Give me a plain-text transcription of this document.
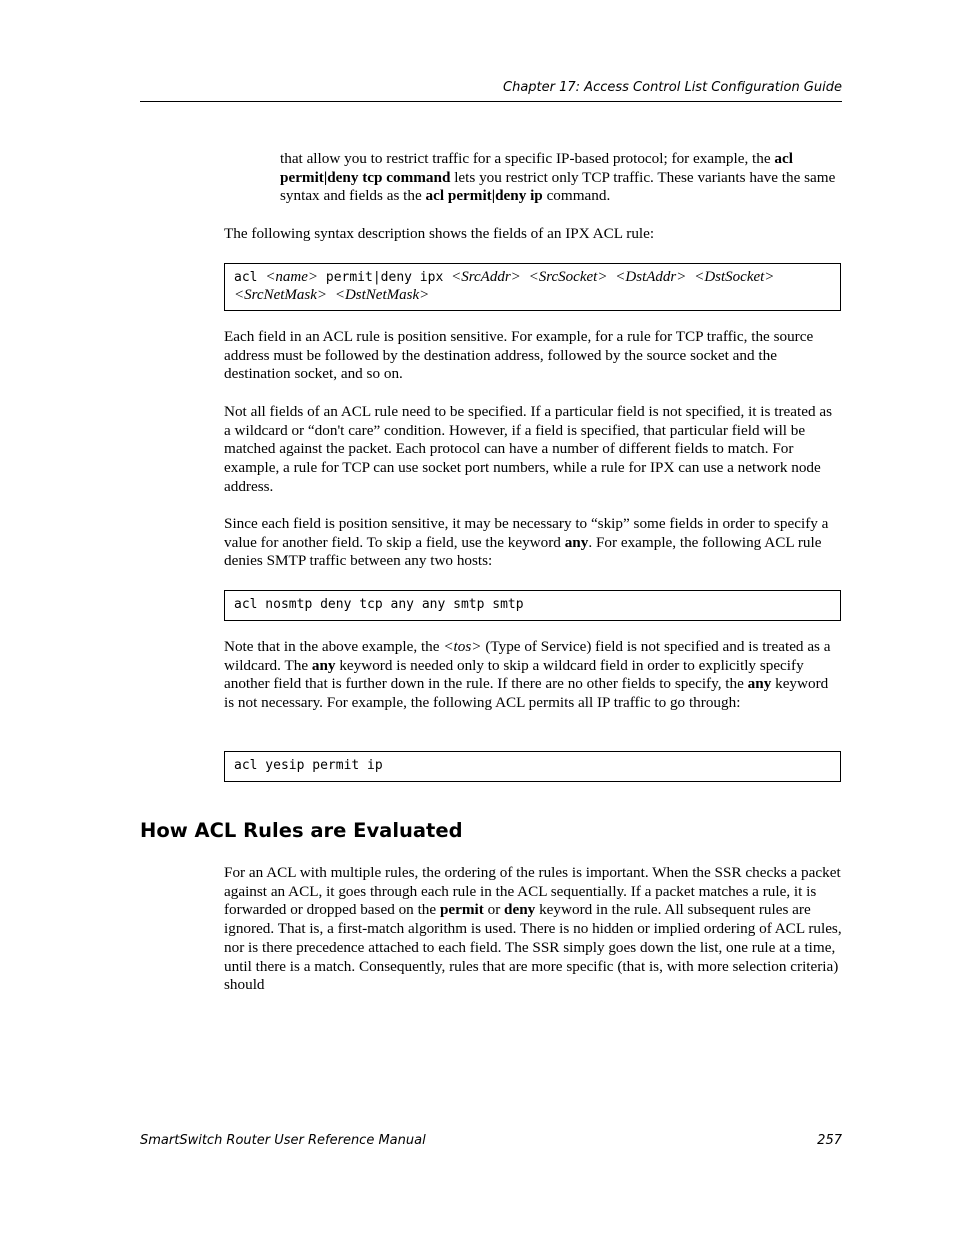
Chapter 17: Access Control List Configuration Guide

that allow you to restrict traffic for a specific IP-based protocol; for example, the acl permit|deny tcp command lets you restrict only TCP traffic. These variants have the same syntax and fields as the acl permit|deny ip command.

The following syntax description shows the fields of an IPX ACL rule:

acl <name> permit|deny ipx <SrcAddr> <SrcSocket> <DstAddr> <DstSocket>
<SrcNetMask> <DstNetMask>

Each field in an ACL rule is position sensitive. For example, for a rule for TCP traffic, the source address must be followed by the destination address, followed by the source socket and the destination socket, and so on.

Not all fields of an ACL rule need to be specified. If a particular field is not specified, it is treated as a wildcard or “don't care” condition. However, if a field is specified, that particular field will be matched against the packet. Each protocol can have a number of different fields to match. For example, a rule for TCP can use socket port numbers, while a rule for IPX can use a network node address.

Since each field is position sensitive, it may be necessary to “skip” some fields in order to specify a value for another field. To skip a field, use the keyword any. For example, the following ACL rule denies SMTP traffic between any two hosts:

acl nosmtp deny tcp any any smtp smtp

Note that in the above example, the <tos> (Type of Service) field is not specified and is treated as a wildcard. The any keyword is needed only to skip a wildcard field in order to explicitly specify another field that is further down in the rule. If there are no other fields to specify, the any keyword is not necessary. For example, the following ACL permits all IP traffic to go through:

acl yesip permit ip
How ACL Rules are Evaluated

For an ACL with multiple rules, the ordering of the rules is important. When the SSR checks a packet against an ACL, it goes through each rule in the ACL sequentially. If a packet matches a rule, it is forwarded or dropped based on the permit or deny keyword in the rule. All subsequent rules are ignored. That is, a first-match algorithm is used. There is no hidden or implied ordering of ACL rules, nor is there precedence attached to each field. The SSR simply goes down the list, one rule at a time, until there is a match. Consequently, rules that are more specific (that is, with more selection criteria) should

SmartSwitch Router User Reference Manual	257
